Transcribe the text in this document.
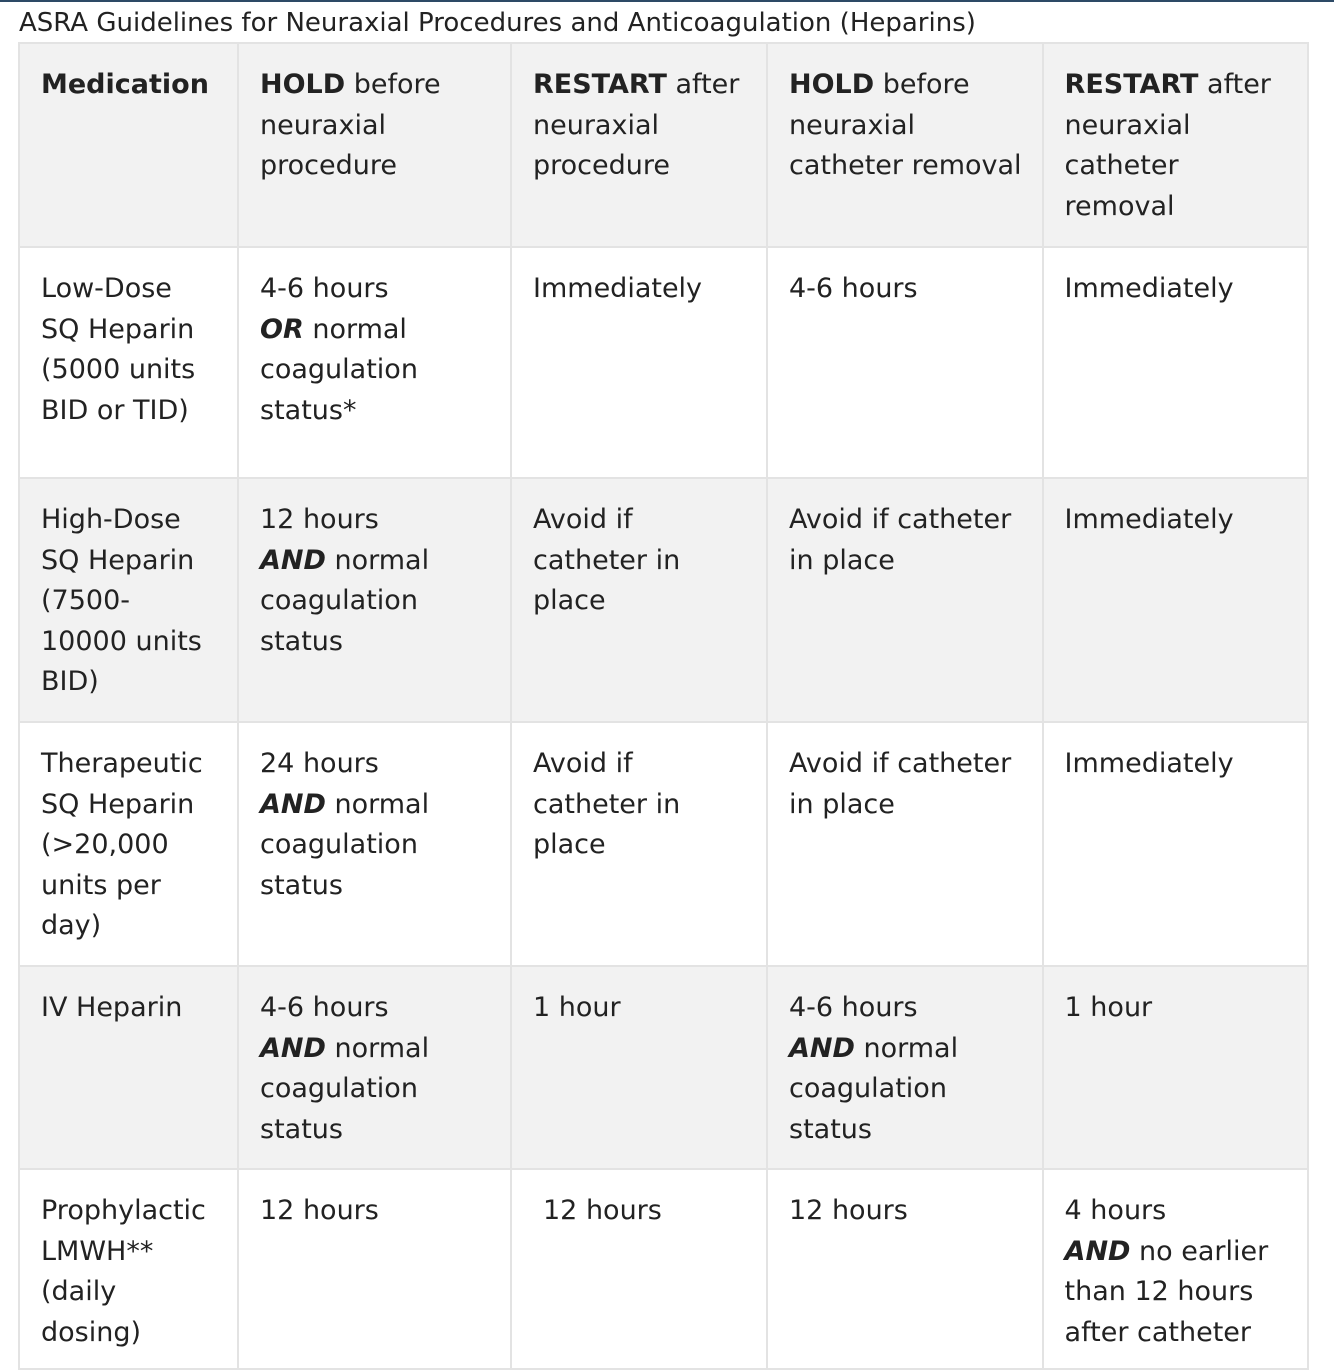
ASRA Guidelines for Neuraxial Procedures and Anticoagulation (Heparins)
Medication	HOLD before
neuraxial
procedure	RESTART after
neuraxial
procedure	HOLD before
neuraxial
catheter removal	RESTART after
neuraxial
catheter
removal

Low-Dose
SQ Heparin
(5000 units
BID or TID)	4-6 hours
OR normal
coagulation
status*	Immediately	4-6 hours	Immediately

High-Dose
SQ Heparin
(7500-
10000 units
BID)	12 hours
AND normal
coagulation
status	Avoid if
catheter in
place	Avoid if catheter
in place	Immediately

Therapeutic
SQ Heparin
(>20,000
units per
day)	24 hours
AND normal
coagulation
status	Avoid if
catheter in
place	Avoid if catheter
in place	Immediately

IV Heparin	4-6 hours
AND normal
coagulation
status	1 hour	4-6 hours
AND normal
coagulation
status	1 hour

Prophylactic
LMWH**
(daily
dosing)	12 hours	12 hours	12 hours	4 hours
AND no earlier
than 12 hours
after catheter
